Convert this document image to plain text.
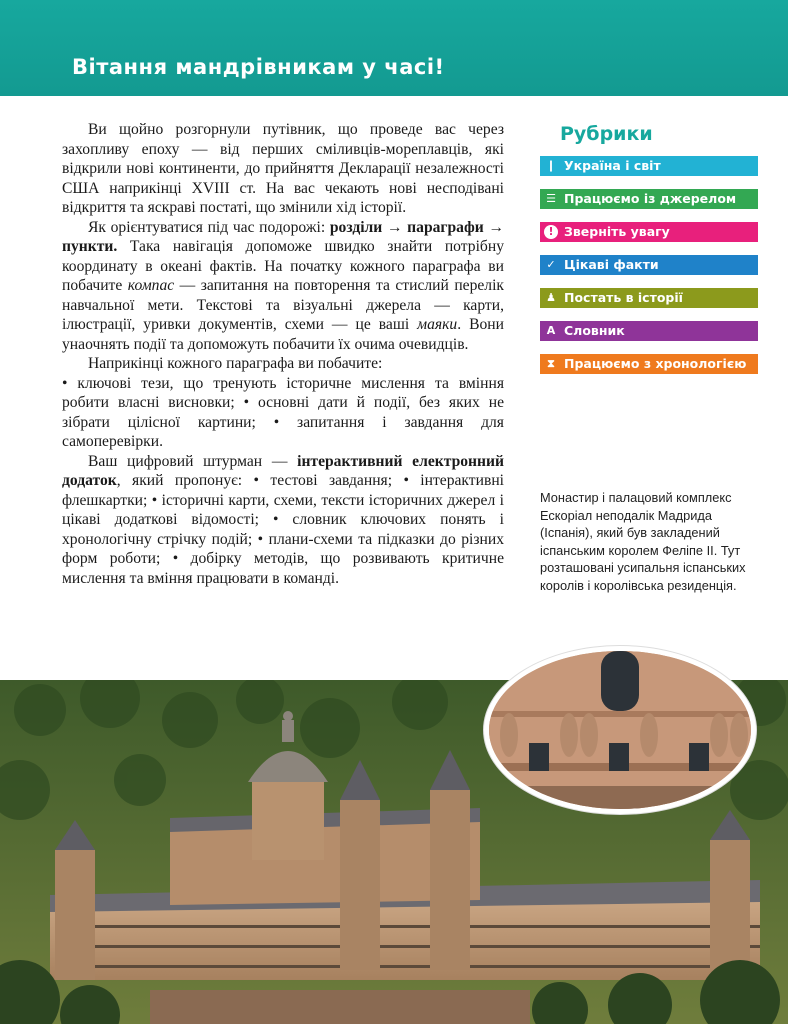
Вітання мандрівникам у часі!

Ви щойно розгорнули путівник, що проведе вас через захопливу епоху — від перших сміливців-мореплавців, які відкрили нові континенти, до прийняття Декларації незалежності США наприкінці XVIII ст. На вас чекають нові несподівані відкриття та яскраві постаті, що змінили хід історії.

Як орієнтуватися під час подорожі: розділи → параграфи → пункти. Така навігація допоможе швидко знайти потрібну координату в океані фактів. На початку кожного параграфа ви побачите компас — запитання на повторення та стислий перелік навчальної мети. Текстові та візуальні джерела — карти, ілюстрації, уривки документів, схеми — це ваші маяки. Вони унаочнять події та допоможуть побачити їх очима очевидців.

Наприкінці кожного параграфа ви побачите:

• ключові тези, що тренують історичне мислення та вміння робити власні висновки; • основні дати й події, без яких не зібрати цілісної картини; • запитання і завдання для самоперевірки.

Ваш цифровий штурман — інтерактивний електронний додаток, який пропонує: • тестові завдання; • інтерактивні флешкартки; • історичні карти, схеми, тексти історичних джерел і цікаві додаткові відомості; • словник ключових понять і хронологічну стрічку подій; • плани-схеми та підказки до різних форм роботи; • добірку методів, що розвивають критичне мислення та вміння працювати в команді.

Рубрики
❙ Україна і світ
☰ Працюємо із джерелом
! Зверніть увагу
✓ Цікаві факти
♟ Постать в історії
A Словник
⧗ Працюємо з хронологією

Монастир і палацовий комплекс Ескоріал неподалік Мадрида (Іспанія), який був закладений іспанським королем Феліпе II. Тут розташовані усипальня іспанських королів і королівська резиденція.
